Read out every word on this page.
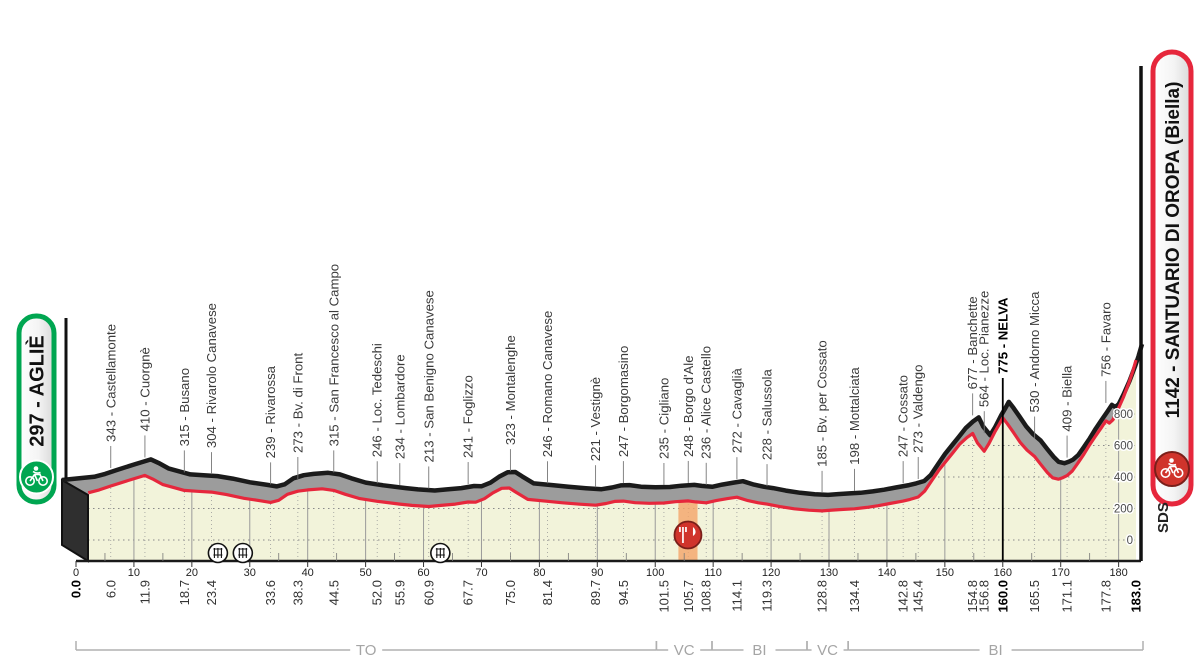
0	10	20	30	40	50	60	70	80	90	100	110	120	130	140	150	160	170	180
0
200
400
600
800
0.0
343 - Castellamonte
6.0
410 - Cuorgnè
11.9
315 - Busano
18.7
304 - Rivarolo Canavese
23.4
239 - Rivarossa
33.6
273 - Bv. di Front
38.3
315 - San Francesco al Campo
44.5
246 - Loc. Tedeschi
52.0
234 - Lombardore
55.9
213 - San Benigno Canavese
60.9
241 - Foglizzo
67.7
323 - Montalenghe
75.0
246 - Romano Canavese
81.4
221 - Vestignè
89.7
247 - Borgomasino
94.5
235 - Cigliano
101.5
248 - Borgo d'Ale
105.7
236 - Alice Castello
108.8
272 - Cavaglià
114.1
228 - Salussola
119.3
185 - Bv. per Cossato
128.8
198 - Mottalciata
134.4
247 - Cossato
142.8
273 - Valdengo
145.4
677 - Banchette
154.8
564 - Loc. Pianezze
156.8
775 - NELVA
160.0
530 - Andorno Micca
165.5
409 - Biella
171.1
756 - Favaro
177.8 183.0
TO	VC	BI	VC	BI
297 - AGLIÈ	1142 - SANTUARIO DI OROPA (Biella)
SDS
